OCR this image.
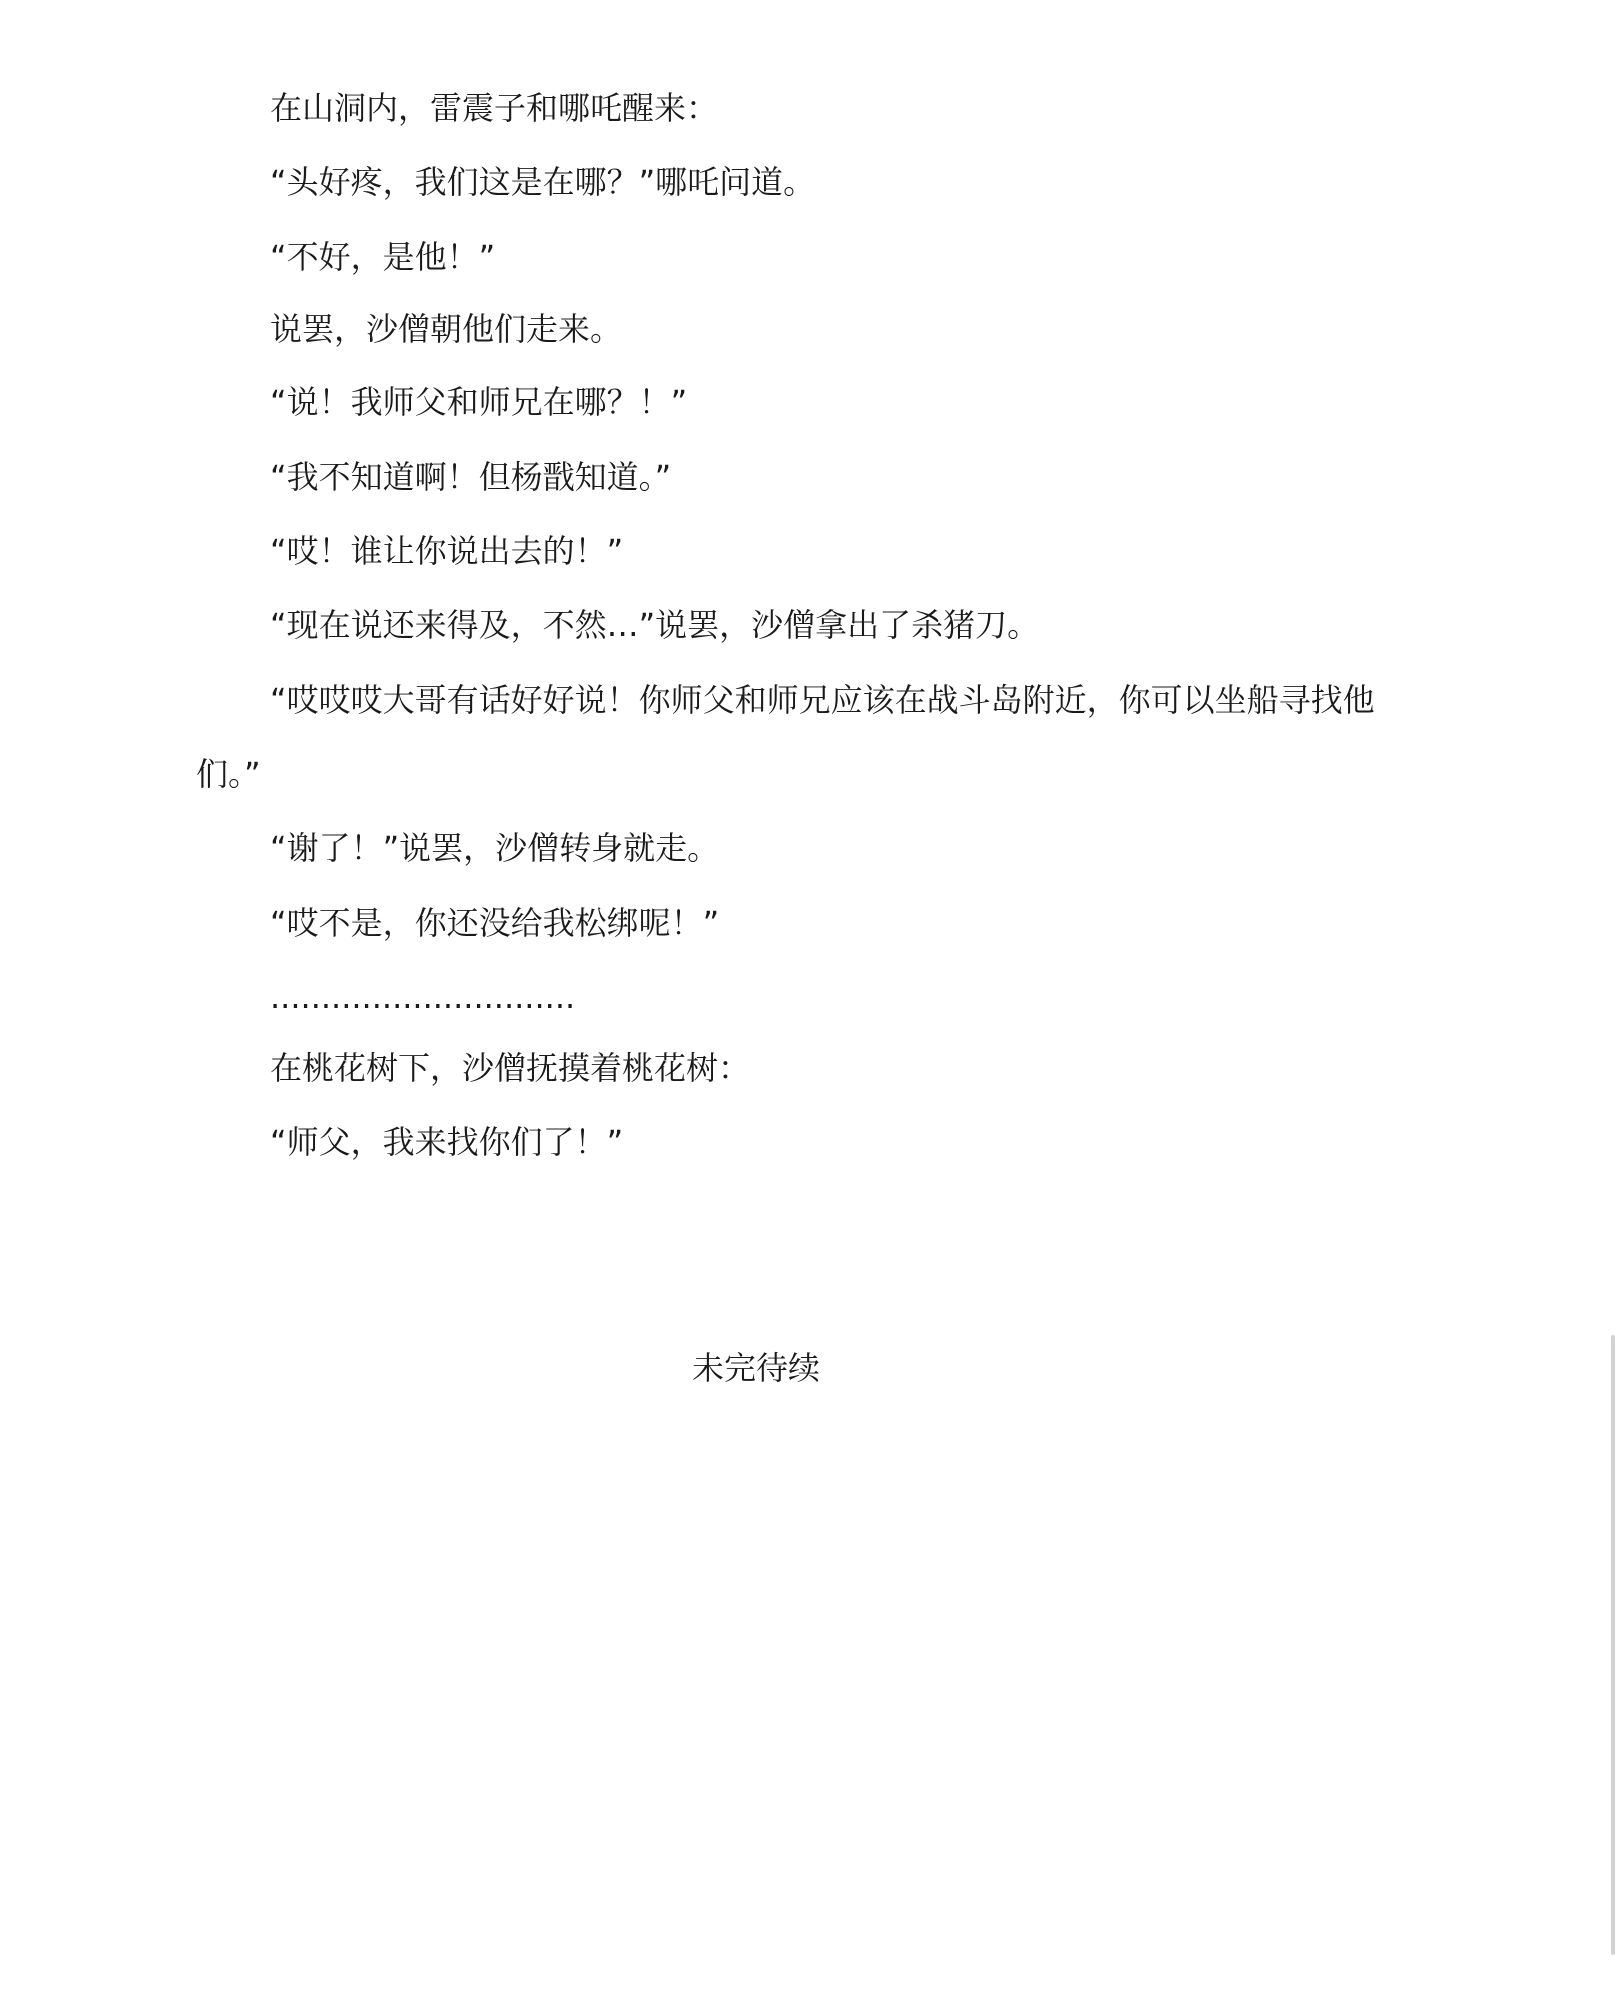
在山洞内，雷震子和哪吒醒来：
“头好疼，我们这是在哪？”哪吒问道。
“不好，是他！”
说罢，沙僧朝他们走来。
“说！我师父和师兄在哪？！”
“我不知道啊！但杨戬知道。”
“哎！谁让你说出去的！”
“现在说还来得及，不然…”说罢，沙僧拿出了杀猪刀。
“哎哎哎大哥有话好好说！你师父和师兄应该在战斗岛附近，你可以坐船寻找他
们。”
“谢了！”说罢，沙僧转身就走。
“哎不是，你还没给我松绑呢！”
..............................
在桃花树下，沙僧抚摸着桃花树：
“师父，我来找你们了！”
未完待续
